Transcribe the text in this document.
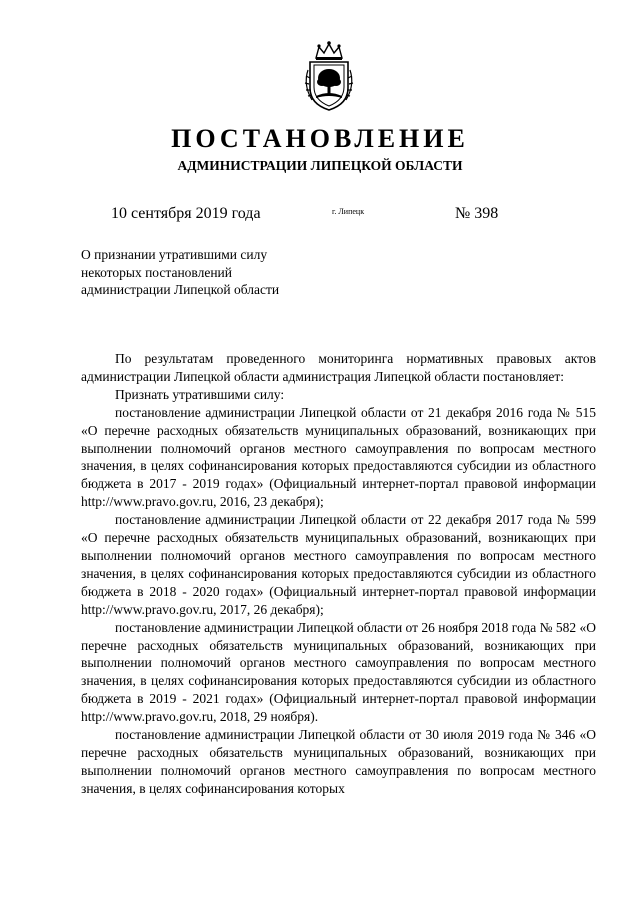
ПОСТАНОВЛЕНИЕ
АДМИНИСТРАЦИИ ЛИПЕЦКОЙ ОБЛАСТИ
10 сентября 2019 года	г. Липецк	№ 398
О признании утратившими силу
некоторых постановлений
администрации Липецкой области

По результатам проведенного мониторинга нормативных правовых актов администрации Липецкой области администрация Липецкой области постановляет:

Признать утратившими силу:

постановление администрации Липецкой области от 21 декабря 2016 года № 515 «О перечне расходных обязательств муниципальных образований, возникающих при выполнении полномочий органов местного самоуправления по вопросам местного значения, в целях софинансирования которых предоставляются субсидии из областного бюджета в 2017 - 2019 годах» (Официальный интернет-портал правовой информации http://www.pravo.gov.ru, 2016, 23 декабря);

постановление администрации Липецкой области от 22 декабря 2017 года № 599 «О перечне расходных обязательств муниципальных образований, возникающих при выполнении полномочий органов местного самоуправления по вопросам местного значения, в целях софинансирования которых предоставляются субсидии из областного бюджета в 2018 - 2020 годах» (Официальный интернет-портал правовой информации http://www.pravo.gov.ru, 2017, 26 декабря);

постановление администрации Липецкой области от 26 ноября 2018 года № 582 «О перечне расходных обязательств муниципальных образований, возникающих при выполнении полномочий органов местного самоуправления по вопросам местного значения, в целях софинансирования которых предоставляются субсидии из областного бюджета в 2019 - 2021 годах» (Официальный интернет-портал правовой информации http://www.pravo.gov.ru, 2018, 29 ноября).

постановление администрации Липецкой области от 30 июля 2019 года № 346 «О перечне расходных обязательств муниципальных образований, возникающих при выполнении полномочий органов местного самоуправления по вопросам местного значения, в целях софинансирования которых
